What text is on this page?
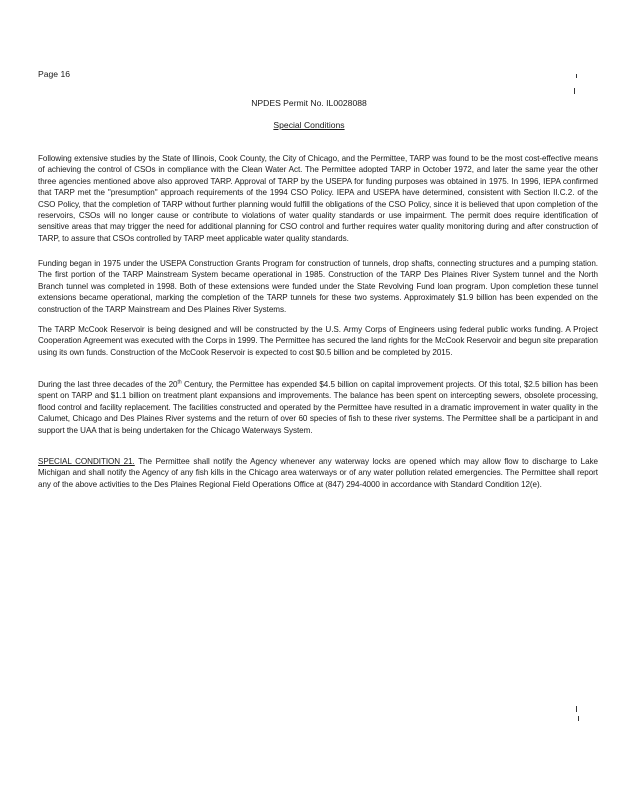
Page 16
NPDES Permit No. IL0028088
Special Conditions

Following extensive studies by the State of Illinois, Cook County, the City of Chicago, and the Permittee, TARP was found to be the most cost-effective means of achieving the control of CSOs in compliance with the Clean Water Act. The Permittee adopted TARP in October 1972, and later the same year the other three agencies mentioned above also approved TARP. Approval of TARP by the USEPA for funding purposes was obtained in 1975. In 1996, IEPA confirmed that TARP met the "presumption" approach requirements of the 1994 CSO Policy. IEPA and USEPA have determined, consistent with Section II.C.2. of the CSO Policy, that the completion of TARP without further planning would fulfill the obligations of the CSO Policy, since it is believed that upon completion of the reservoirs, CSOs will no longer cause or contribute to violations of water quality standards or use impairment. The permit does require identification of sensitive areas that may trigger the need for additional planning for CSO control and further requires water quality monitoring during and after construction of TARP, to assure that CSOs controlled by TARP meet applicable water quality standards.

Funding began in 1975 under the USEPA Construction Grants Program for construction of tunnels, drop shafts, connecting structures and a pumping station. The first portion of the TARP Mainstream System became operational in 1985. Construction of the TARP Des Plaines River System tunnel and the North Branch tunnel was completed in 1998. Both of these extensions were funded under the State Revolving Fund loan program. Upon completion these tunnel extensions became operational, marking the completion of the TARP tunnels for these two systems. Approximately $1.9 billion has been expended on the construction of the TARP Mainstream and Des Plaines River Systems.

The TARP McCook Reservoir is being designed and will be constructed by the U.S. Army Corps of Engineers using federal public works funding. A Project Cooperation Agreement was executed with the Corps in 1999. The Permittee has secured the land rights for the McCook Reservoir and begun site preparation using its own funds. Construction of the McCook Reservoir is expected to cost $0.5 billion and be completed by 2015.

During the last three decades of the 20th Century, the Permittee has expended $4.5 billion on capital improvement projects. Of this total, $2.5 billion has been spent on TARP and $1.1 billion on treatment plant expansions and improvements. The balance has been spent on intercepting sewers, obsolete processing, flood control and facility replacement. The facilities constructed and operated by the Permittee have resulted in a dramatic improvement in water quality in the Calumet, Chicago and Des Plaines River systems and the return of over 60 species of fish to these river systems. The Permittee shall be a participant in and support the UAA that is being undertaken for the Chicago Waterways System.

SPECIAL CONDITION 21. The Permittee shall notify the Agency whenever any waterway locks are opened which may allow flow to discharge to Lake Michigan and shall notify the Agency of any fish kills in the Chicago area waterways or of any water pollution related emergencies. The Permittee shall report any of the above activities to the Des Plaines Regional Field Operations Office at (847) 294-4000 in accordance with Standard Condition 12(e).
